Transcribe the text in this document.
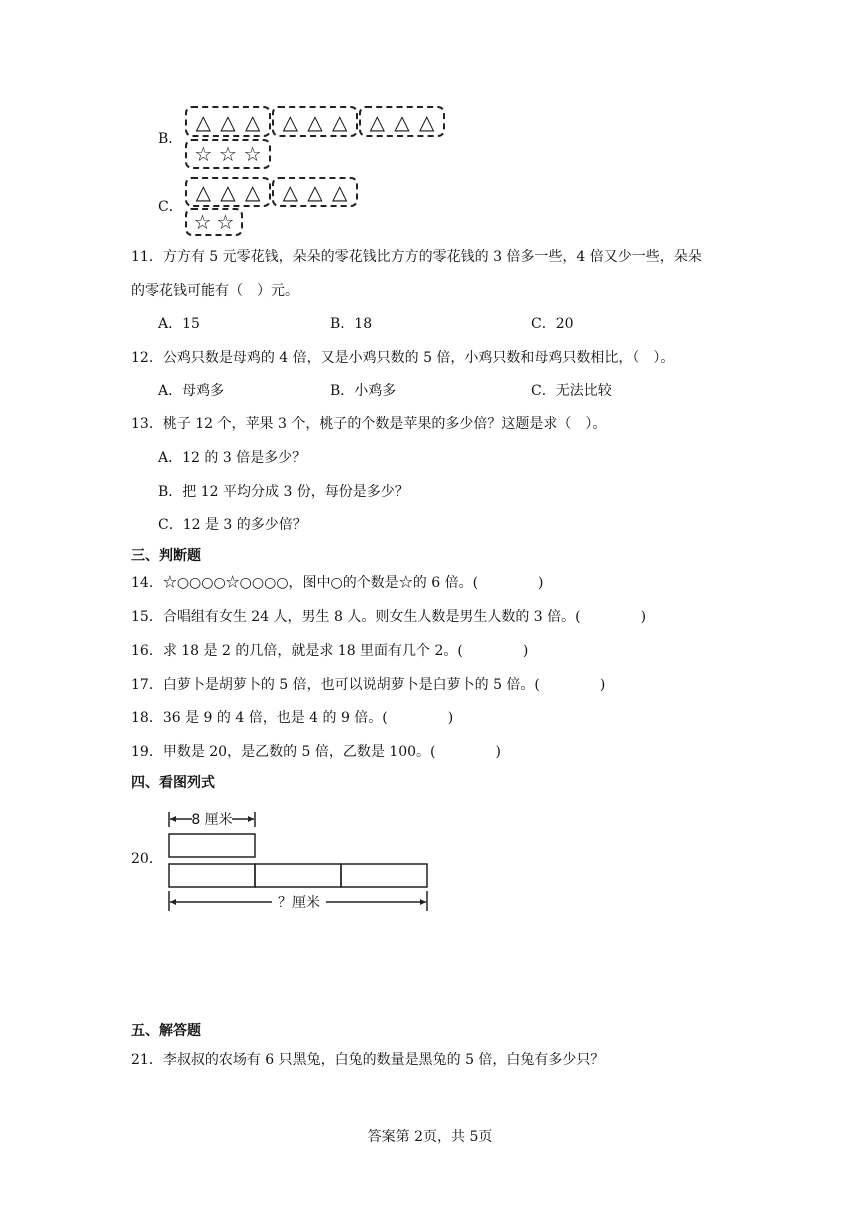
B．
△ △ △ △ △ △ △ △ △
☆ ☆ ☆
C．
△ △ △ △ △ △
☆ ☆
11．方方有 5 元零花钱，朵朵的零花钱比方方的零花钱的 3 倍多一些，4 倍又少一些，朵朵
的零花钱可能有（　）元。
A．15	B．18	C．20
12．公鸡只数是母鸡的 4 倍，又是小鸡只数的 5 倍，小鸡只数和母鸡只数相比，（　）。
A．母鸡多	B．小鸡多	C．无法比较
13．桃子 12 个，苹果 3 个，桃子的个数是苹果的多少倍？这题是求（　）。
A．12 的 3 倍是多少？
B．把 12 平均分成 3 份，每份是多少？
C．12 是 3 的多少倍？
三、判断题
14．☆○○○○☆○○○○，图中○的个数是☆的 6 倍。(	)
15．合唱组有女生 24 人，男生 8 人。则女生人数是男生人数的 3 倍。(	)
16．求 18 是 2 的几倍，就是求 18 里面有几个 2。(	)
17．白萝卜是胡萝卜的 5 倍，也可以说胡萝卜是白萝卜的 5 倍。(	)
18．36 是 9 的 4 倍，也是 4 的 9 倍。(	)
19．甲数是 20，是乙数的 5 倍，乙数是 100。(	)
四、看图列式
20.
8 厘米
？厘米
五、解答题
21．李叔叔的农场有 6 只黑兔，白兔的数量是黑兔的 5 倍，白兔有多少只？
答案第 2页，共 5页
